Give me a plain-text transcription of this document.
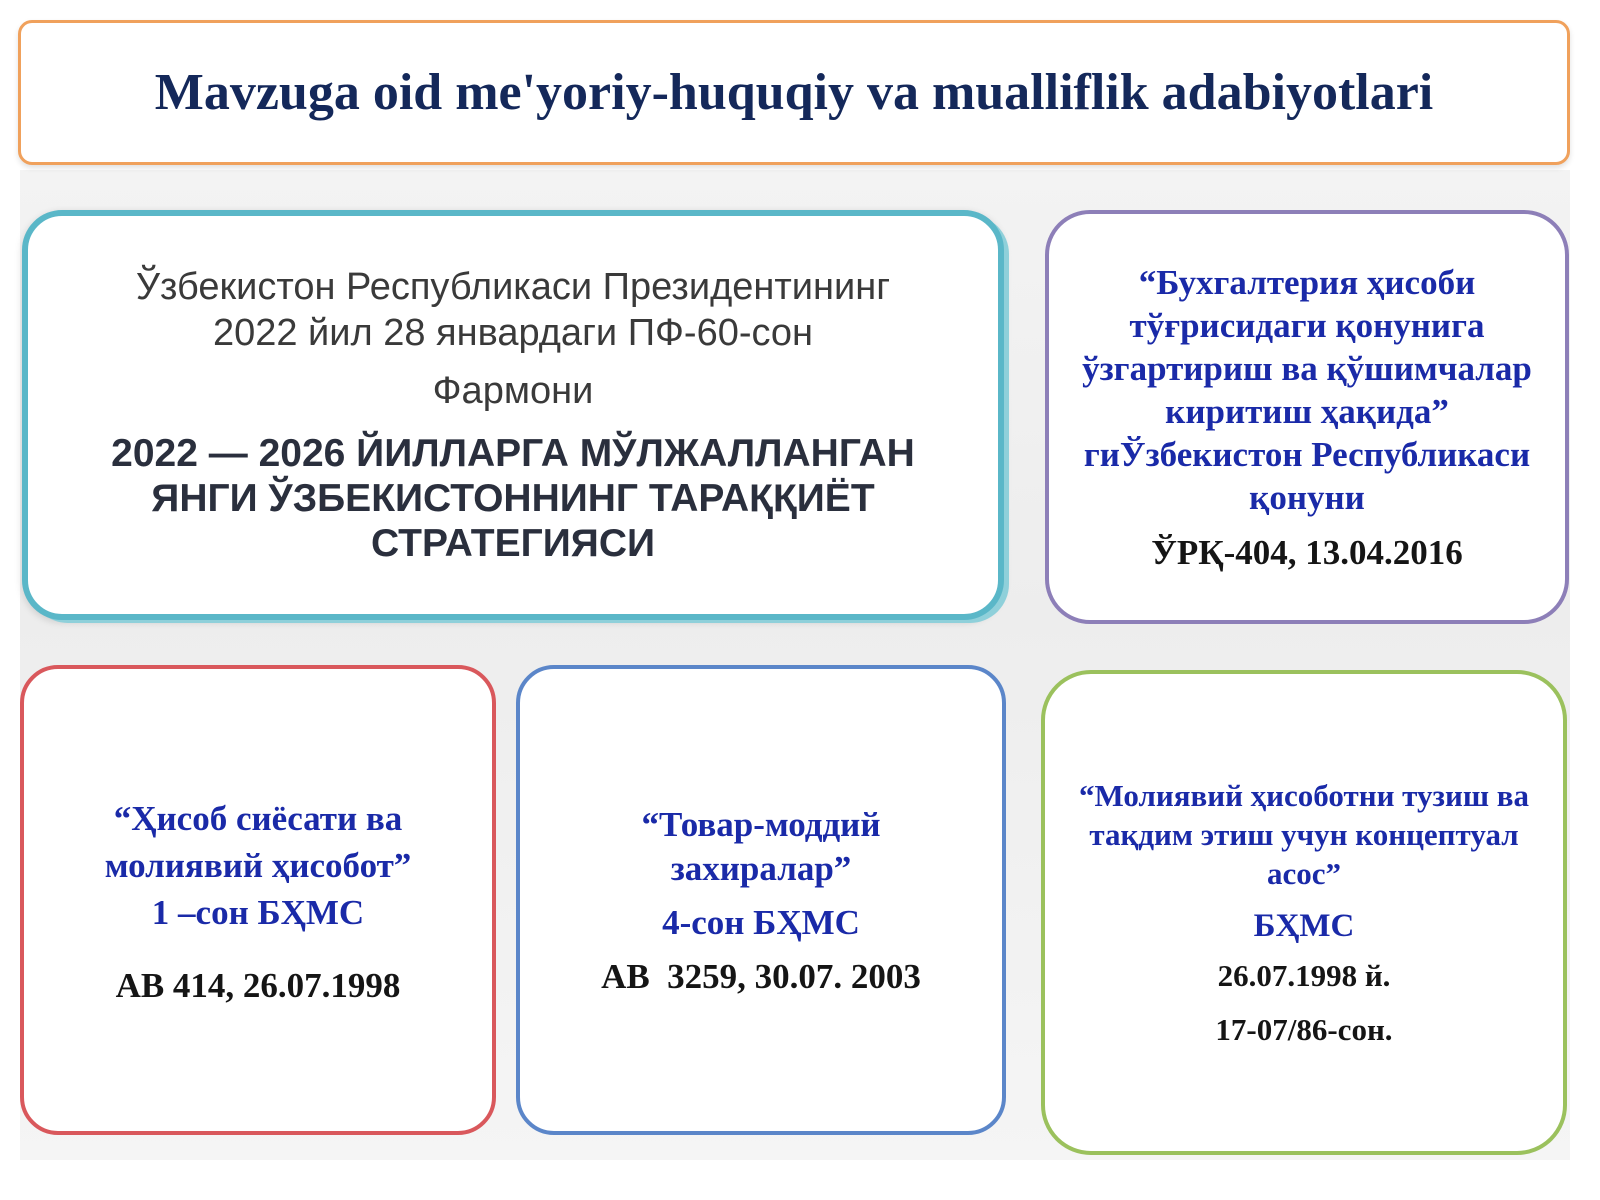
Mavzuga oid me'yoriy-huquqiy va mualliflik adabiyotlari
Ўзбекистон Республикаси Президентининг
2022 йил 28 январдаги ПФ-60-сон
Фармони
2022 — 2026 ЙИЛЛАРГА МЎЛЖАЛЛАНГАН ЯНГИ ЎЗБЕКИСТОННИНГ ТАРАҚҚИЁТ СТРАТЕГИЯСИ
“Бухгалтерия ҳисоби тўғрисидаги қонунига ўзгартириш ва қўшимчалар киритиш ҳақида” гиЎзбекистон Республикаси қонуни
ЎРҚ-404, 13.04.2016
“Ҳисоб сиёсати ва
молиявий ҳисобот”
1 –сон БҲМС
АВ 414, 26.07.1998
“Товар-моддий
захиралар”
4-сон БҲМС
АВ  3259, 30.07. 2003
“Молиявий ҳисоботни тузиш ва тақдим этиш учун концептуал асос”
БҲМС
26.07.1998 й.
17-07/86-сон.
